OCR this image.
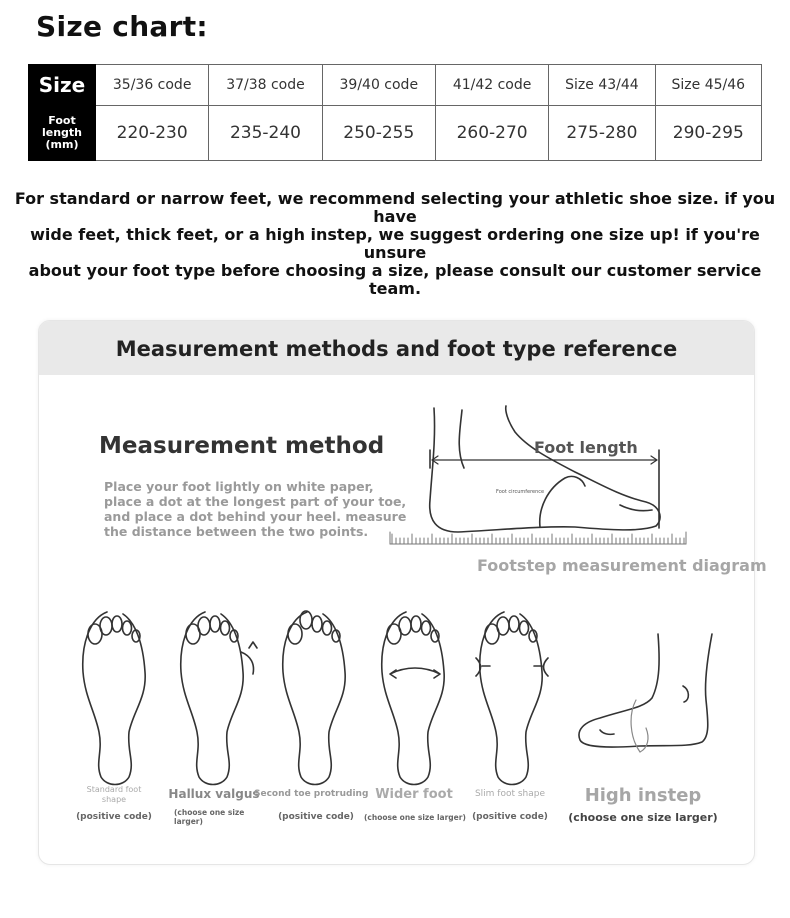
Size chart:
Size	35/36 code	37/38 code	39/40 code	41/42 code	Size 43/44	Size 45/46
Foot length (mm)	220-230	235-240	250-255	260-270	275-280	290-295
For standard or narrow feet, we recommend selecting your athletic shoe size. if you have
wide feet, thick feet, or a high instep, we suggest ordering one size up! if you're unsure
about your foot type before choosing a size, please consult our customer service team.
Measurement methods and foot type reference
Measurement method
Place your foot lightly on white paper,
place a dot at the longest part of your toe,
and place a dot behind your heel. measure
the distance between the two points.
Foot length
Foot circumference
Footstep measurement diagram
Standard foot shape
(positive code)
Hallux valgus
(choose one size larger)
Second toe protruding
(positive code)
Wider foot
(choose one size larger)
Slim foot shape
(positive code)
High instep
(choose one size larger)
